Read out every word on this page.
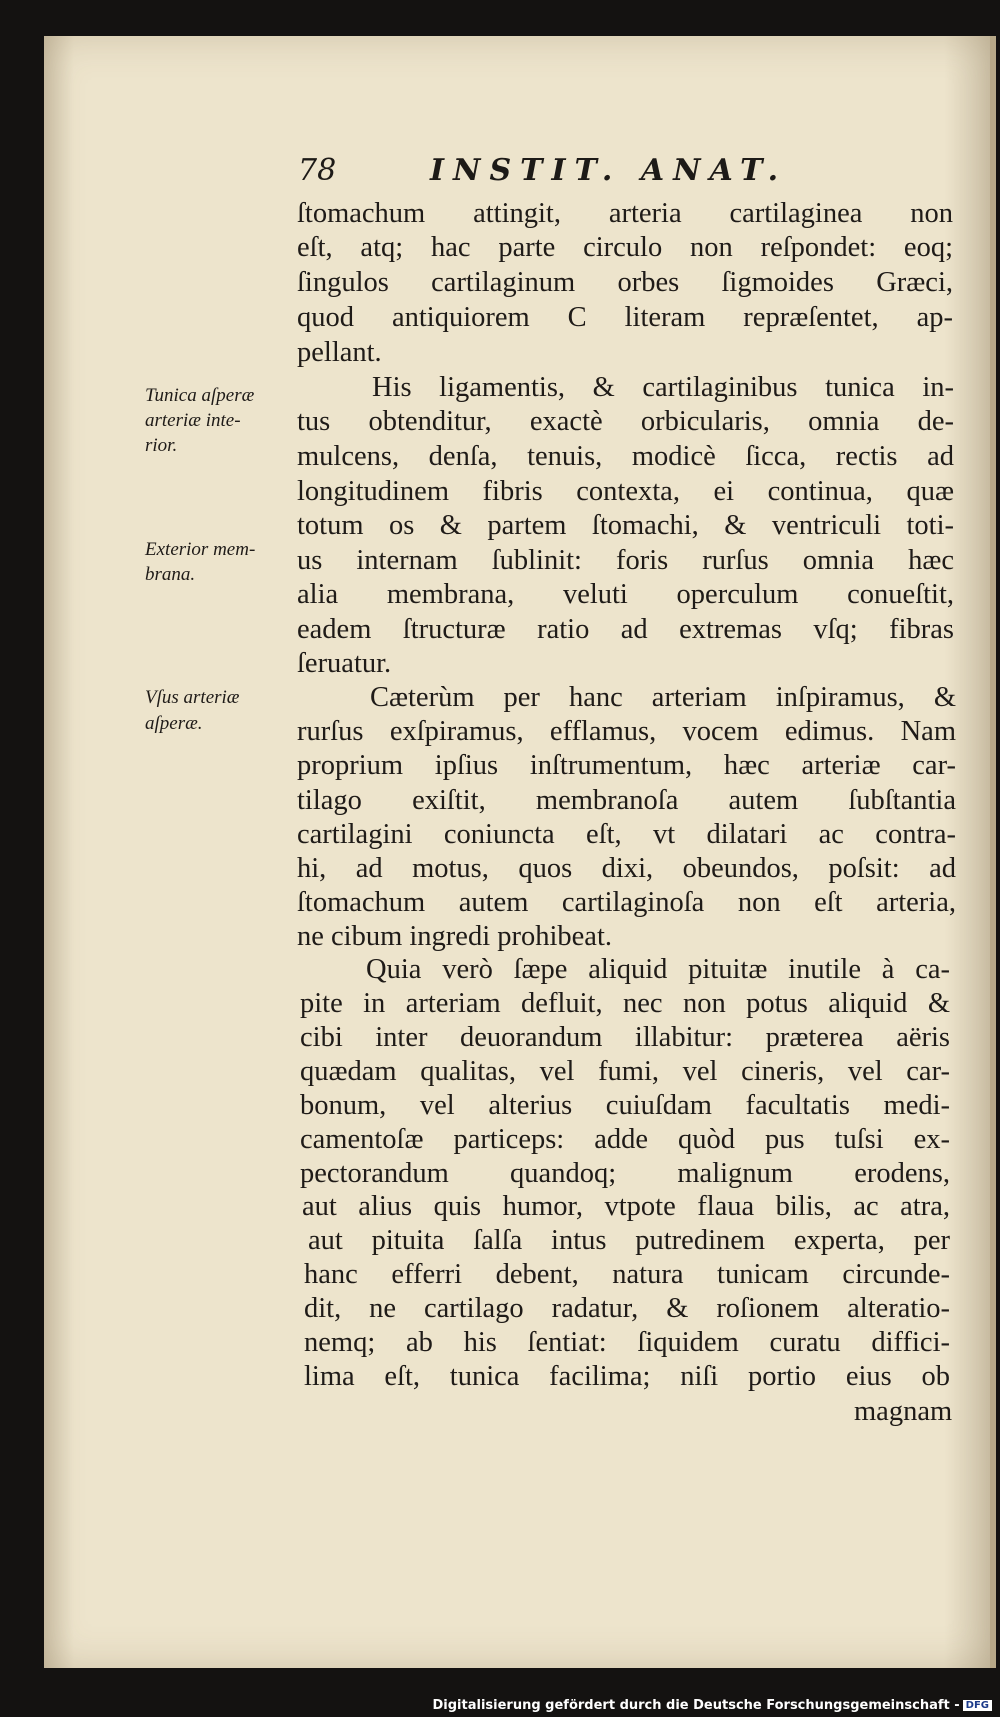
78	INSTIT. ANAT.
ſtomachum attingit, arteria cartilaginea non
eſt, atq; hac parte circulo non reſpondet: eoq;
ſingulos cartilaginum orbes ſigmoides Græci,
quod antiquiorem C literam repræſentet, ap-
pellant.
His ligamentis, & cartilaginibus tunica in-
tus obtenditur, exactè orbicularis, omnia de-
mulcens, denſa, tenuis, modicè ſicca, rectis ad
longitudinem fibris contexta, ei continua, quæ
totum os & partem ſtomachi, & ventriculi toti-
us internam ſublinit: foris rurſus omnia hæc
alia membrana, veluti operculum conueſtit,
eadem ſtructuræ ratio ad extremas vſq; fibras
ſeruatur.
Cæterùm per hanc arteriam inſpiramus, &
rurſus exſpiramus, efflamus, vocem edimus. Nam
proprium ipſius inſtrumentum, hæc arteriæ car-
tilago exiſtit, membranoſa autem ſubſtantia
cartilagini coniuncta eſt, vt dilatari ac contra-
hi, ad motus, quos dixi, obeundos, poſsit: ad
ſtomachum autem cartilaginoſa non eſt arteria,
ne cibum ingredi prohibeat.
Quia verò ſæpe aliquid pituitæ inutile à ca-
pite in arteriam defluit, nec non potus aliquid &
cibi inter deuorandum illabitur: præterea aëris
quædam qualitas, vel fumi, vel cineris, vel car-
bonum, vel alterius cuiuſdam facultatis medi-
camentoſæ particeps: adde quòd pus tuſsi ex-
pectorandum quandoq; malignum erodens,
aut alius quis humor, vtpote flaua bilis, ac atra,
aut pituita ſalſa intus putredinem experta, per
hanc efferri debent, natura tunicam circunde-
dit, ne cartilago radatur, & roſionem alteratio-
nemq; ab his ſentiat: ſiquidem curatu diffici-
lima eſt, tunica facilima; niſi portio eius ob
magnam
Tunica aſperæ
arteriæ inte-
rior.
Exterior mem-
brana.
Vſus arteriæ
aſperæ.
Digitalisierung gefördert durch die Deutsche Forschungsgemeinschaft - DFG
